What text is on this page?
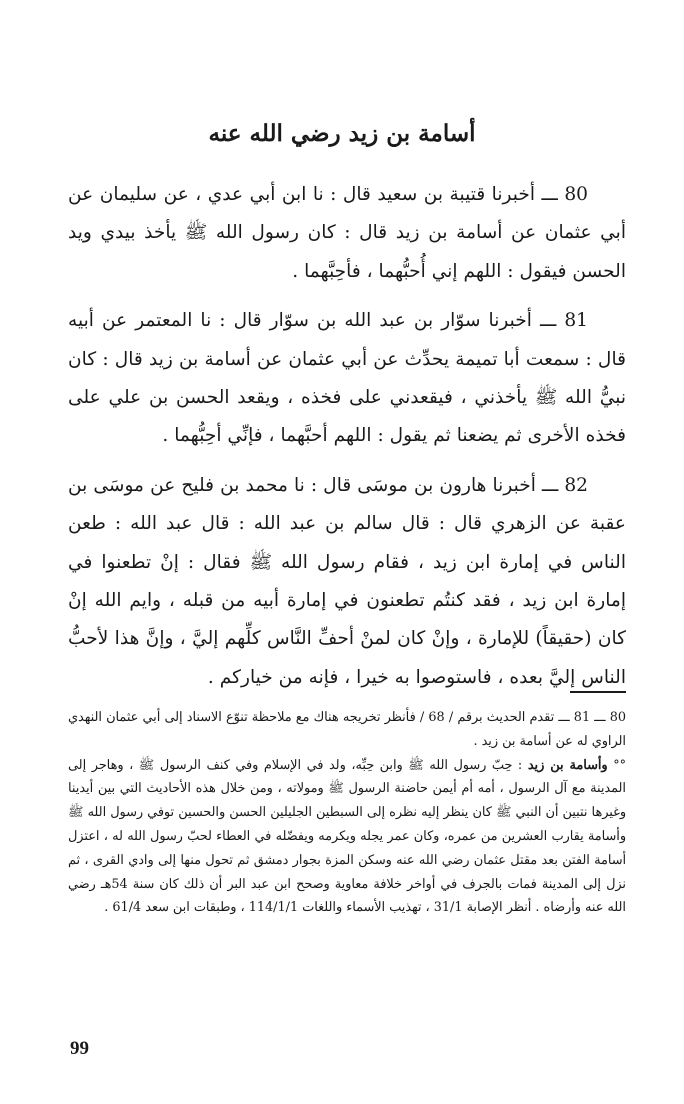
أسامة بن زيد رضي الله عنه

80 ـــ أخبرنا قتيبة بن سعيد قال : نا ابن أبي عدي ، عن سليمان عن أبي عثمان عن أسامة بن زيد قال : كان رسول الله ﷺ يأخذ بيدي ويد الحسن فيقول : اللهم إني أُحبُّهما ، فأحِبَّهما .

81 ـــ أخبرنا سوّار بن عبد الله بن سوّار قال : نا المعتمر عن أبيه قال : سمعت أبا تميمة يحدِّث عن أبي عثمان عن أسامة بن زيد قال : كان نبيُّ الله ﷺ يأخذني ، فيقعدني على فخذه ، ويقعد الحسن بن علي على فخذه الأخرى ثم يضعنا ثم يقول : اللهم أحبَّهما ، فإنِّي أحِبُّهما .

82 ـــ أخبرنا هارون بن موسَى قال : نا محمد بن فليح عن موسَى بن عقبة عن الزهري قال : قال سالم بن عبد الله : قال عبد الله : طعن الناس في إمارة ابن زيد ، فقام رسول الله ﷺ فقال : إنْ تطعنوا في إمارة ابن زيد ، فقد كنتُم تطعنون في إمارة أبيه من قبله ، وايم الله إنْ كان (حقيقاً) للإمارة ، وإنْ كان لمنْ أحفِّ النَّاس كلِّهم إليَّ ، وإنَّ هذا لأحبُّ الناس إليَّ بعده ، فاستوصوا به خيرا ، فإنه من خياركم .

80 ـــ 81 ـــ تقدم الحديث برقم / 68 / فأنظر تخريجه هناك مع ملاحظة تنوّع الاسناد إلى أبي عثمان النهدي الراوي له عن أسامة بن زيد .

°° وأسامة بن زيد : حِبّ رسول الله ﷺ وابن حِبِّه، ولد في الإسلام وفي كنف الرسول ﷺ ، وهاجر إلى المدينة مع آل الرسول ، أمه أم أيمن حاضنة الرسول ﷺ ومولاته ، ومن خلال هذه الأحاديث التي بين أيدينا وغيرها نتبين أن النبي ﷺ كان ينظر إليه نظره إلى السبطين الجليلين الحسن والحسين توفي رسول الله ﷺ وأسامة يقارب العشرين من عمره، وكان عمر يجله ويكرمه ويفضّله في العطاء لحبّ رسول الله له ، اعتزل أسامة الفتن بعد مقتل عثمان رضي الله عنه وسكن المزة بجوار دمشق ثم تحول منها إلى وادي القرى ، ثم نزل إلى المدينة فمات بالجرف في أواخر خلافة معاوية وصحح ابن عبد البر أن ذلك كان سنة 54هـ رضي الله عنه وأرضاه . أنظر الإصابة 31/1 ، تهذيب الأسماء واللغات 114/1/1 ، وطبقات ابن سعد 61/4 .

99
